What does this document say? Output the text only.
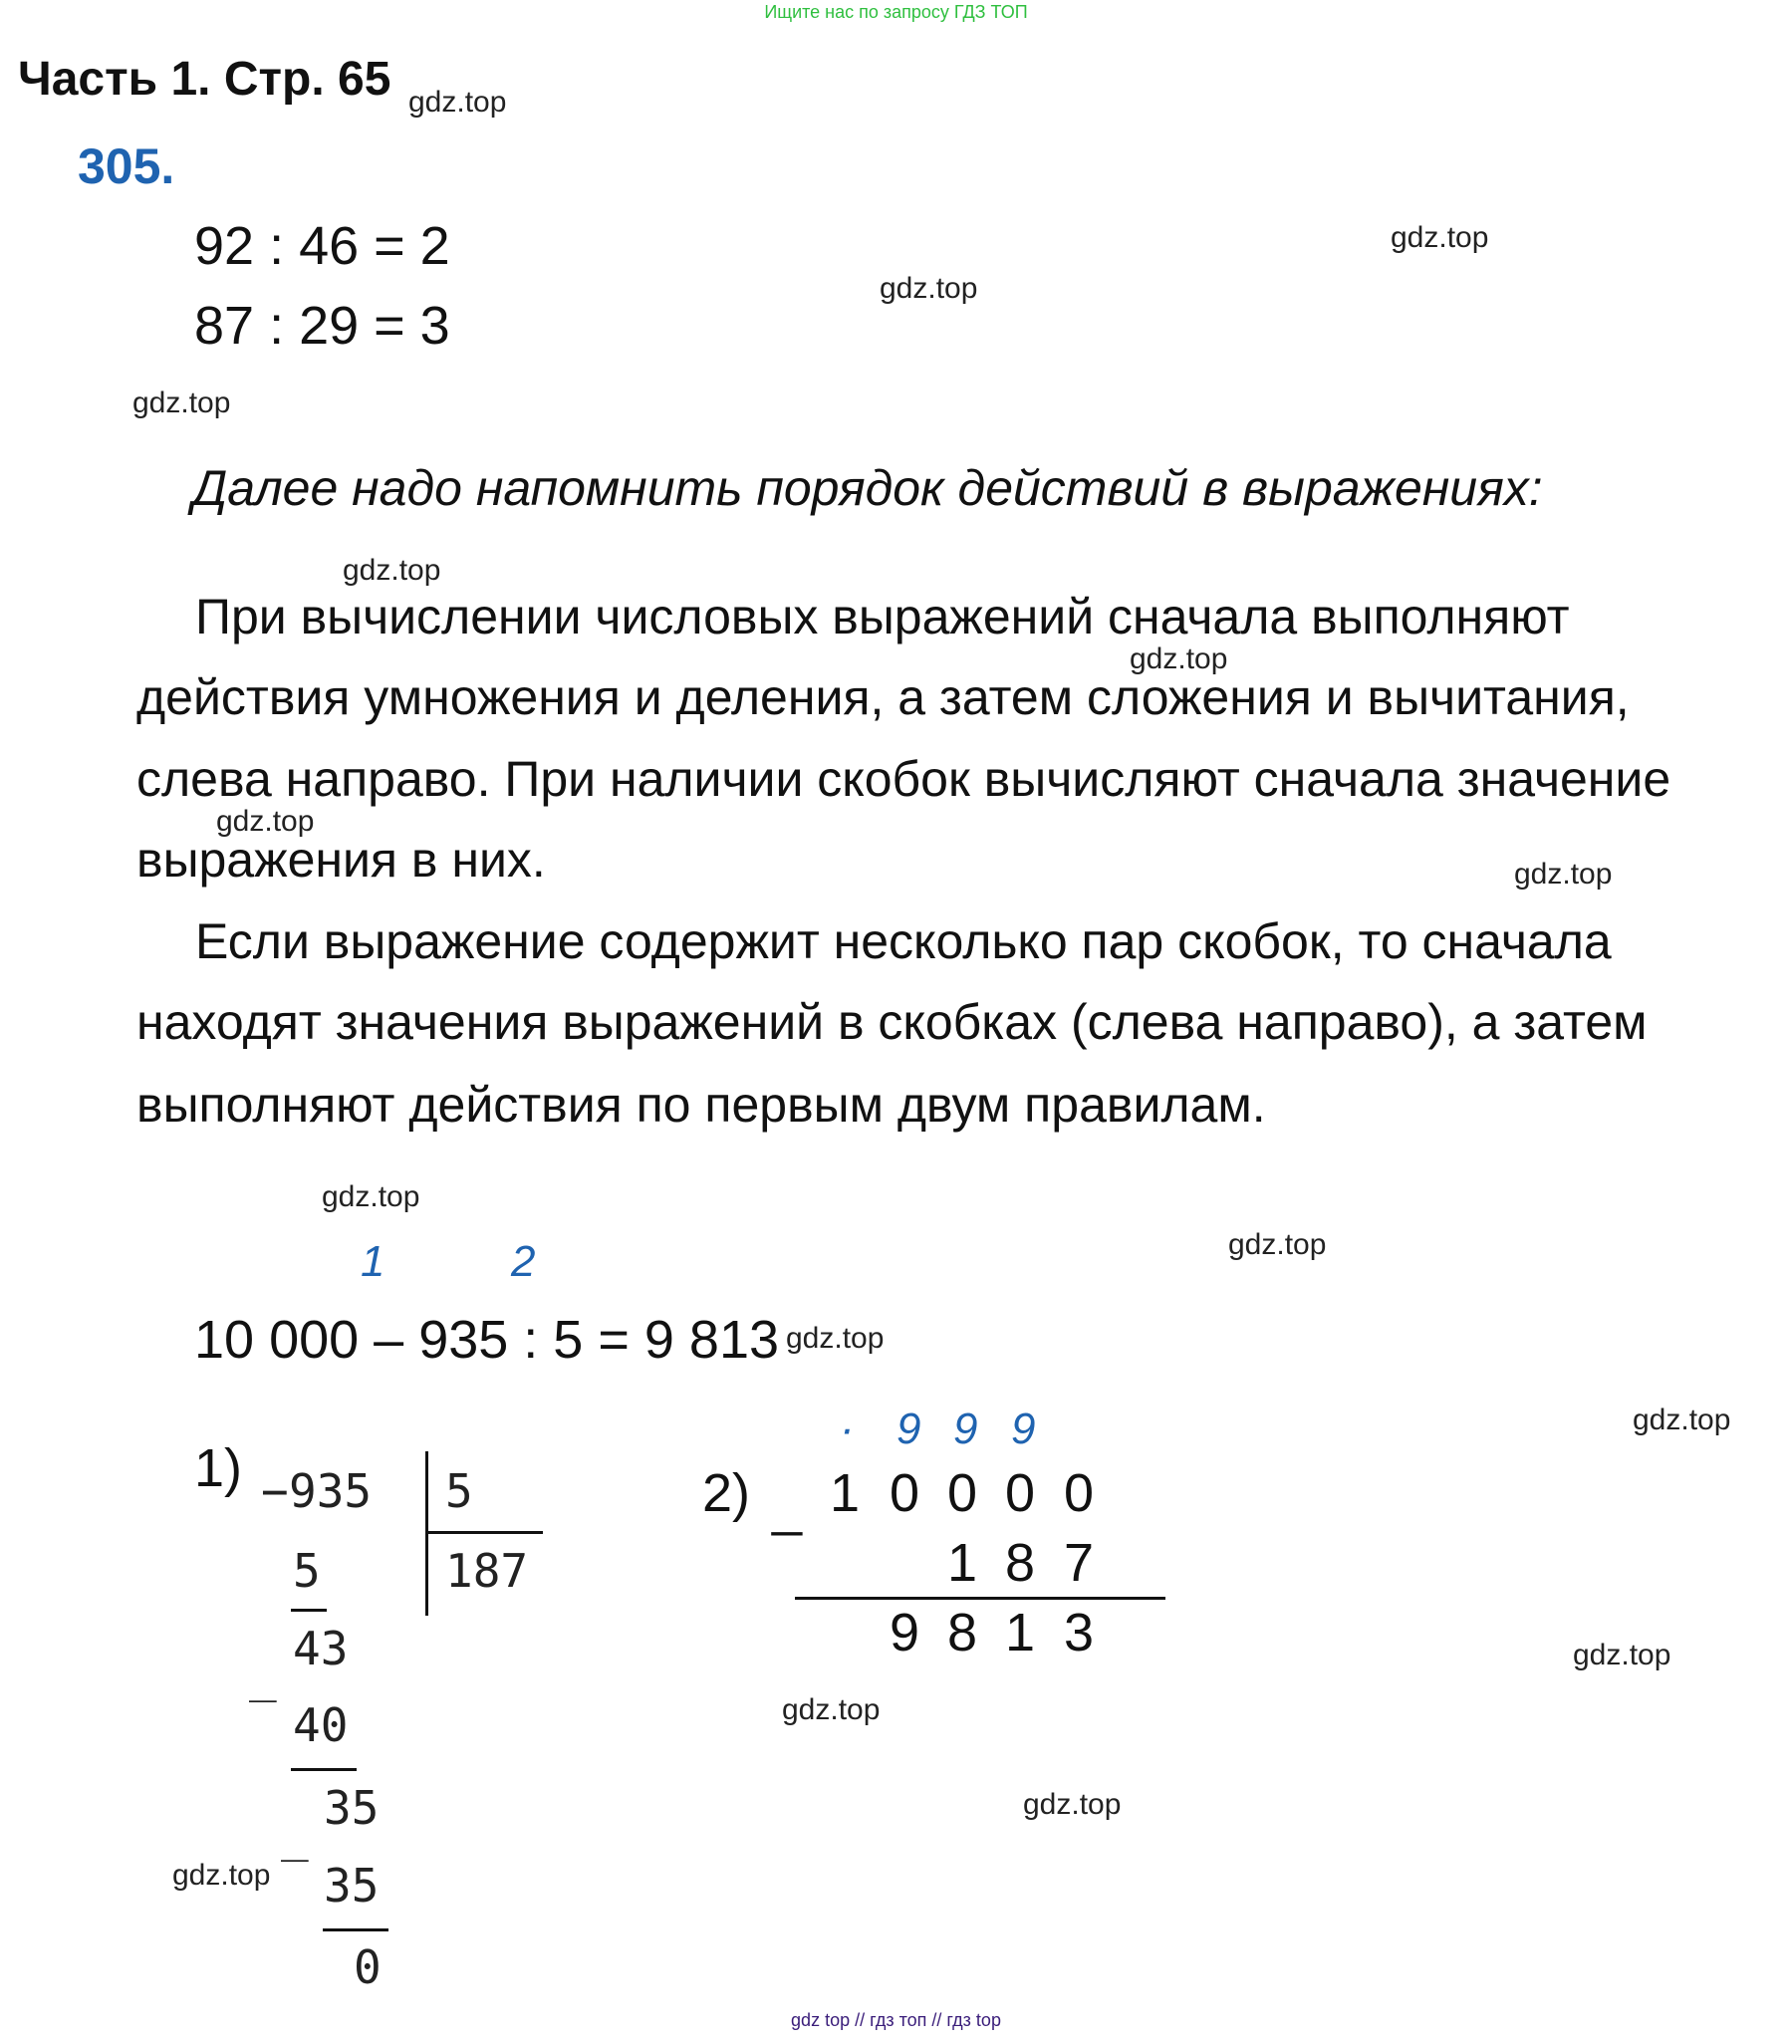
Ищите нас по запросу ГДЗ ТОП
Часть 1. Стр. 65
305.
92 : 46 = 2
87 : 29 = 3
Далее надо напомнить порядок действий в выражениях:
При вычислении числовых выражений сначала выполняют
действия умножения и деления, а затем сложения и вычитания,
слева направо. При наличии скобок вычисляют сначала значение
выражения в них.
Если выражение содержит несколько пар скобок, то сначала
находят значения выражений в скобках (слева направо), а затем
выполняют действия по первым двум правилам.
1	2
10 000 – 935 : 5 = 9 813
1) − 935 5
187
5
43
_
40
35
_
35
0
· 9 9 9
2) _ 1 0 0 0 0
1 8 7
9 8 1 3
gdz.top
gdz.top
gdz.top
gdz.top
gdz.top
gdz.top
gdz.top
gdz.top
gdz.top
gdz.top
gdz.top
gdz.top
gdz.top
gdz.top
gdz.top
gdz.top
gdz top // гдз топ // гдз top
